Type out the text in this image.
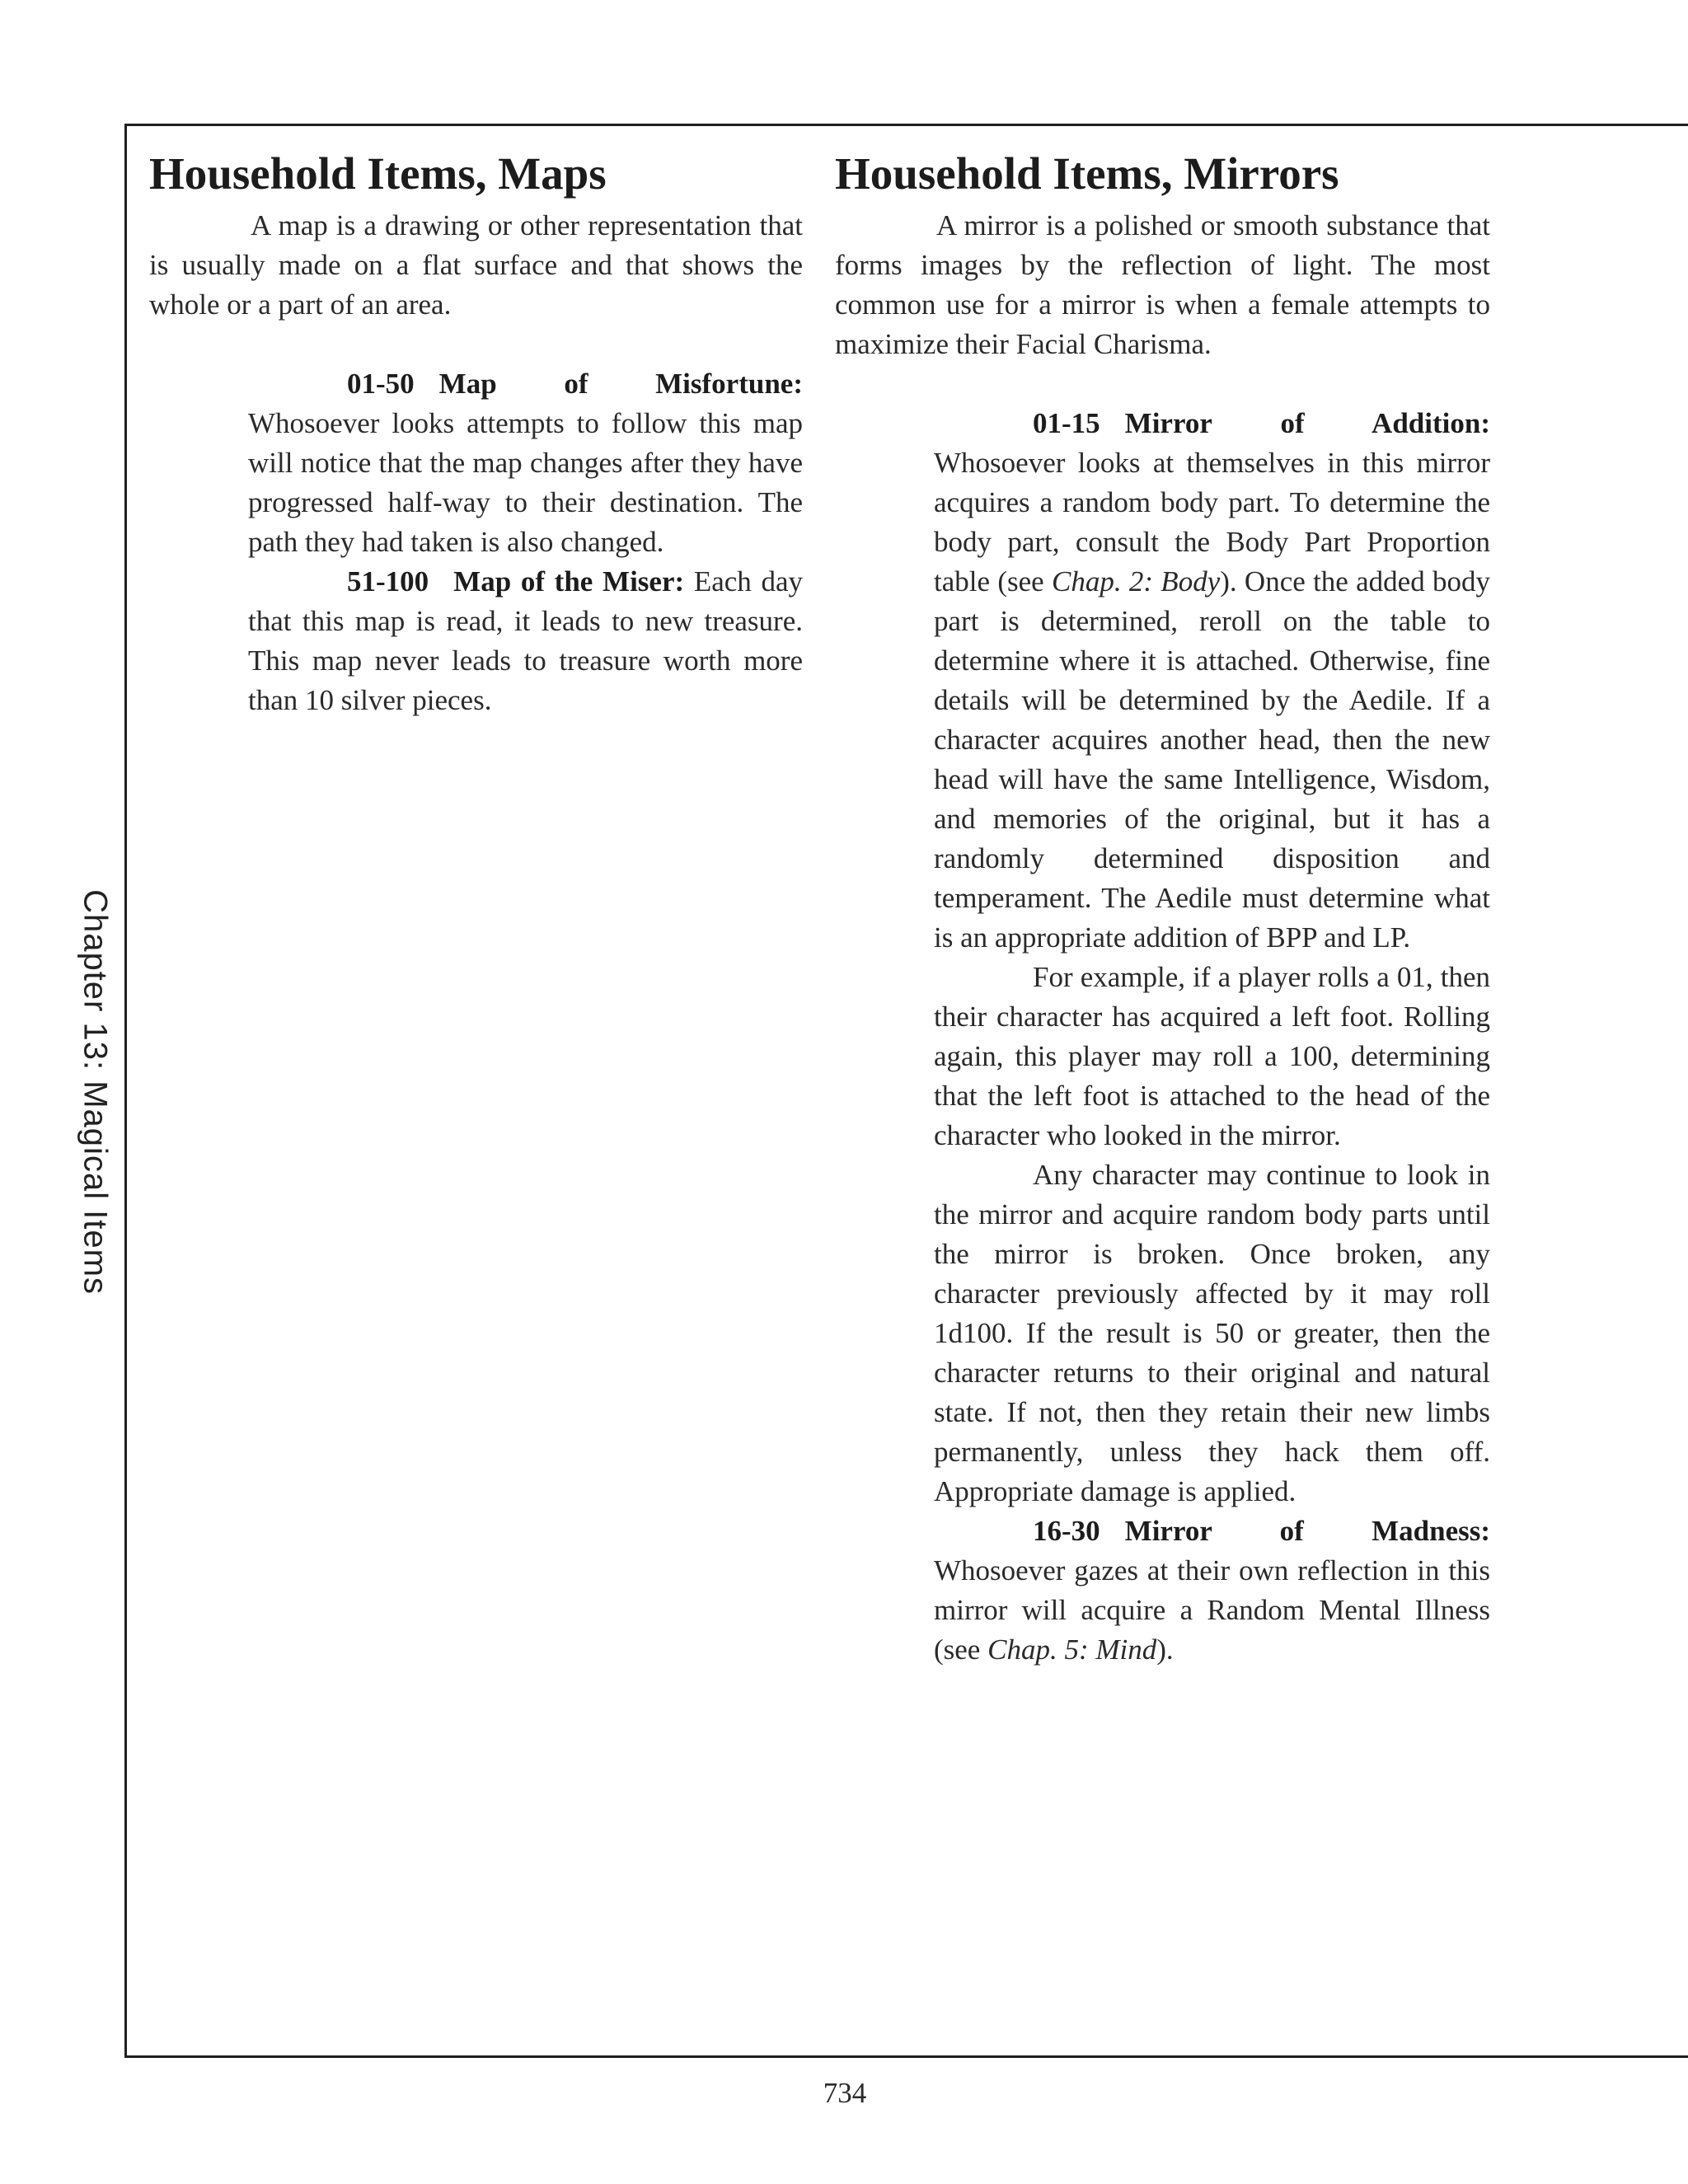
Chapter 13: Magical Items
Household Items, Maps

A map is a drawing or other representation that is usually made on a flat surface and that shows the whole or a part of an area.

01-50 Map of Misfortune: Whosoever looks attempts to follow this map will notice that the map changes after they have progressed half-way to their destination. The path they had taken is also changed.

51-100 Map of the Miser: Each day that this map is read, it leads to new treasure. This map never leads to treasure worth more than 10 silver pieces.

Household Items, Mirrors

A mirror is a polished or smooth substance that forms images by the reflection of light. The most common use for a mirror is when a female attempts to maximize their Facial Charisma.

01-15 Mirror of Addition: Whosoever looks at themselves in this mirror acquires a random body part. To determine the body part, consult the Body Part Proportion table (see Chap. 2: Body). Once the added body part is determined, reroll on the table to determine where it is attached. Otherwise, fine details will be determined by the Aedile. If a character acquires another head, then the new head will have the same Intelligence, Wisdom, and memories of the original, but it has a randomly determined disposition and temperament. The Aedile must determine what is an appropriate addition of BPP and LP.

For example, if a player rolls a 01, then their character has acquired a left foot. Rolling again, this player may roll a 100, determining that the left foot is attached to the head of the character who looked in the mirror.

Any character may continue to look in the mirror and acquire random body parts until the mirror is broken. Once broken, any character previously affected by it may roll 1d100. If the result is 50 or greater, then the character returns to their original and natural state. If not, then they retain their new limbs permanently, unless they hack them off. Appropriate damage is applied.

16-30 Mirror of Madness: Whosoever gazes at their own reflection in this mirror will acquire a Random Mental Illness (see Chap. 5: Mind).

734
